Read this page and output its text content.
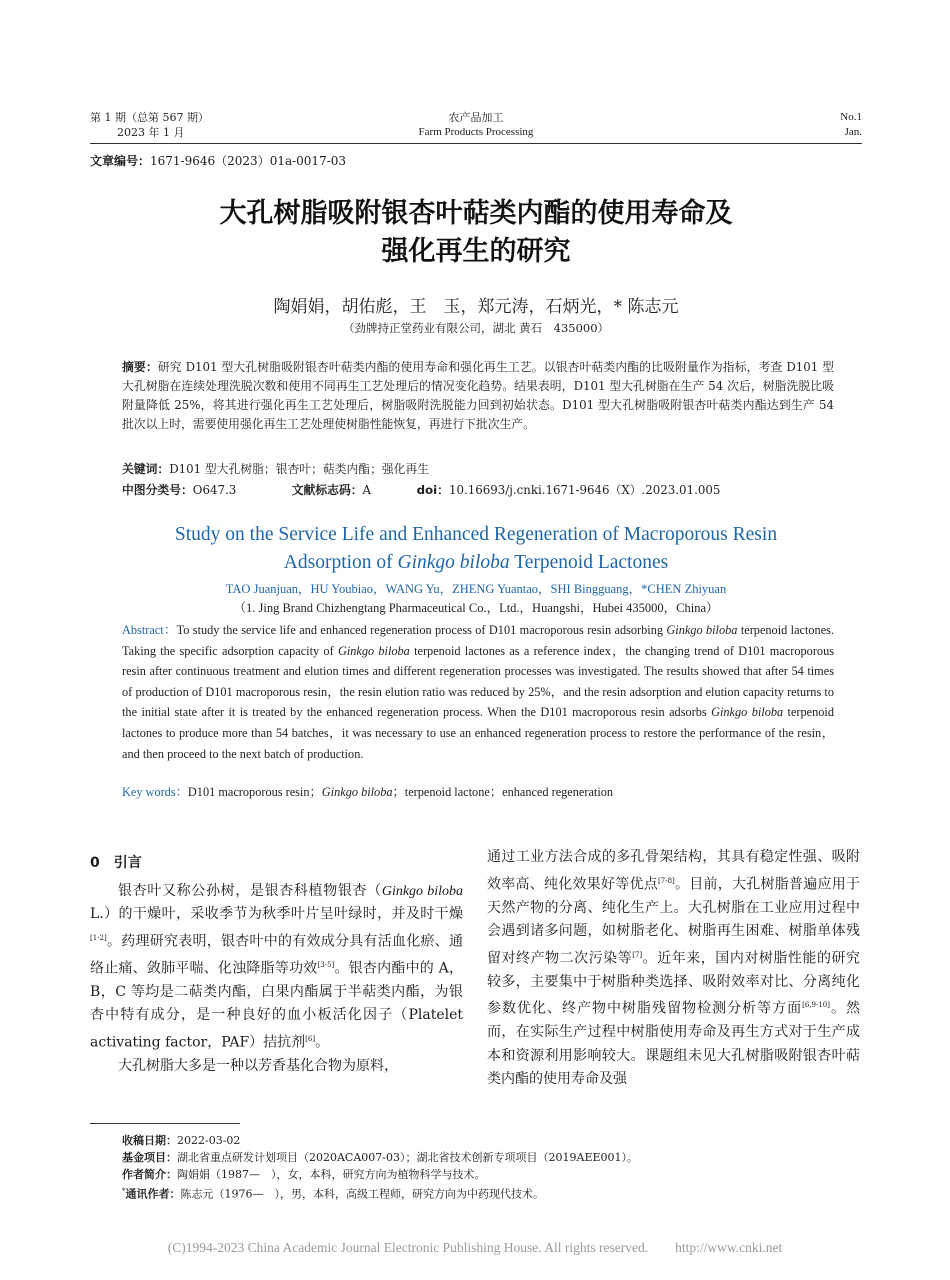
第 1 期（总第 567 期）
2023 年 1 月
农产品加工
Farm Products Processing
No.1
Jan.
文章编号：1671-9646（2023）01a-0017-03
大孔树脂吸附银杏叶萜类内酯的使用寿命及
强化再生的研究
陶娟娟，胡佑彪，王　玉，郑元涛，石炳光，* 陈志元
（劲牌持正堂药业有限公司，湖北 黄石　435000）
摘要：研究 D101 型大孔树脂吸附银杏叶萜类内酯的使用寿命和强化再生工艺。以银杏叶萜类内酯的比吸附量作为指标，考查 D101 型大孔树脂在连续处理洗脱次数和使用不同再生工艺处理后的情况变化趋势。结果表明，D101 型大孔树脂在生产 54 次后，树脂洗脱比吸附量降低 25%，将其进行强化再生工艺处理后，树脂吸附洗脱能力回到初始状态。D101 型大孔树脂吸附银杏叶萜类内酯达到生产 54 批次以上时，需要使用强化再生工艺处理使树脂性能恢复，再进行下批次生产。
关键词：D101 型大孔树脂；银杏叶；萜类内酯；强化再生
中图分类号：O647.3	文献标志码：A	doi：10.16693/j.cnki.1671-9646（X）.2023.01.005
Study on the Service Life and Enhanced Regeneration of Macroporous Resin
Adsorption of Ginkgo biloba Terpenoid Lactones
TAO Juanjuan，HU Youbiao，WANG Yu，ZHENG Yuantao，SHI Bingguang，*CHEN Zhiyuan
（1. Jing Brand Chizhengtang Pharmaceutical Co.，Ltd.，Huangshi，Hubei 435000，China）
Abstract：To study the service life and enhanced regeneration process of D101 macroporous resin adsorbing Ginkgo biloba terpenoid lactones. Taking the specific adsorption capacity of Ginkgo biloba terpenoid lactones as a reference index，the changing trend of D101 macroporous resin after continuous treatment and elution times and different regeneration processes was investigated. The results showed that after 54 times of production of D101 macroporous resin，the resin elution ratio was reduced by 25%，and the resin adsorption and elution capacity returns to the initial state after it is treated by the enhanced regeneration process. When the D101 macroporous resin adsorbs Ginkgo biloba terpenoid lactones to produce more than 54 batches，it was necessary to use an enhanced regeneration process to restore the performance of the resin，and then proceed to the next batch of production.
Key words：D101 macroporous resin；Ginkgo biloba；terpenoid lactone；enhanced regeneration
0　引言

银杏叶又称公孙树，是银杏科植物银杏（Ginkgo biloba L.）的干燥叶，采收季节为秋季叶片呈叶绿时，并及时干燥[1-2]。药理研究表明，银杏叶中的有效成分具有活血化瘀、通络止痛、敛肺平喘、化浊降脂等功效[3-5]。银杏内酯中的 A，B，C 等均是二萜类内酯，白果内酯属于半萜类内酯，为银杏中特有成分，是一种良好的血小板活化因子（Platelet activating factor，PAF）拮抗剂[6]。

大孔树脂大多是一种以芳香基化合物为原料，

通过工业方法合成的多孔骨架结构，其具有稳定性强、吸附效率高、纯化效果好等优点[7-8]。目前，大孔树脂普遍应用于天然产物的分离、纯化生产上。大孔树脂在工业应用过程中会遇到诸多问题，如树脂老化、树脂再生困难、树脂单体残留对终产物二次污染等[7]。近年来，国内对树脂性能的研究较多，主要集中于树脂种类选择、吸附效率对比、分离纯化参数优化、终产物中树脂残留物检测分析等方面[6,9-10]。然而，在实际生产过程中树脂使用寿命及再生方式对于生产成本和资源利用影响较大。课题组未见大孔树脂吸附银杏叶萜类内酯的使用寿命及强

收稿日期：2022-03-02
基金项目：湖北省重点研发计划项目（2020ACA007-03）；湖北省技术创新专项项目（2019AEE001）。
作者简介：陶娟娟（1987—　），女，本科，研究方向为植物科学与技术。
*通讯作者：陈志元（1976—　），男，本科，高级工程师，研究方向为中药现代技术。
(C)1994-2023 China Academic Journal Electronic Publishing House. All rights reserved.　　http://www.cnki.net
